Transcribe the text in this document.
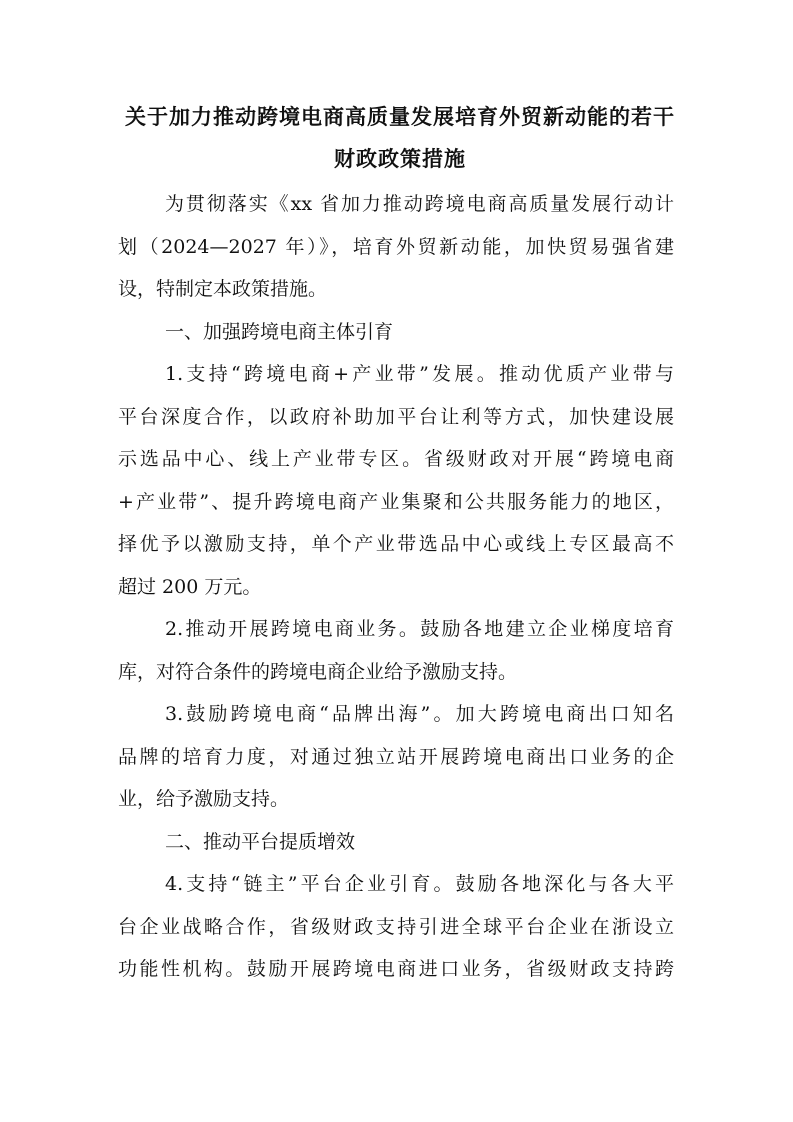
关于加力推动跨境电商高质量发展培育外贸新动能的若干
财政政策措施
为贯彻落实《xx 省加力推动跨境电商高质量发展行动计
划（2024—2027 年）》，培育外贸新动能，加快贸易强省建
设，特制定本政策措施。
一、加强跨境电商主体引育
1.支持“跨境电商+产业带”发展。推动优质产业带与
平台深度合作，以政府补助加平台让利等方式，加快建设展
示选品中心、线上产业带专区。省级财政对开展“跨境电商
+产业带”、提升跨境电商产业集聚和公共服务能力的地区，
择优予以激励支持，单个产业带选品中心或线上专区最高不
超过 200 万元。
2.推动开展跨境电商业务。鼓励各地建立企业梯度培育
库，对符合条件的跨境电商企业给予激励支持。
3.鼓励跨境电商“品牌出海”。加大跨境电商出口知名
品牌的培育力度，对通过独立站开展跨境电商出口业务的企
业，给予激励支持。
二、推动平台提质增效
4.支持“链主”平台企业引育。鼓励各地深化与各大平
台企业战略合作，省级财政支持引进全球平台企业在浙设立
功能性机构。鼓励开展跨境电商进口业务，省级财政支持跨
